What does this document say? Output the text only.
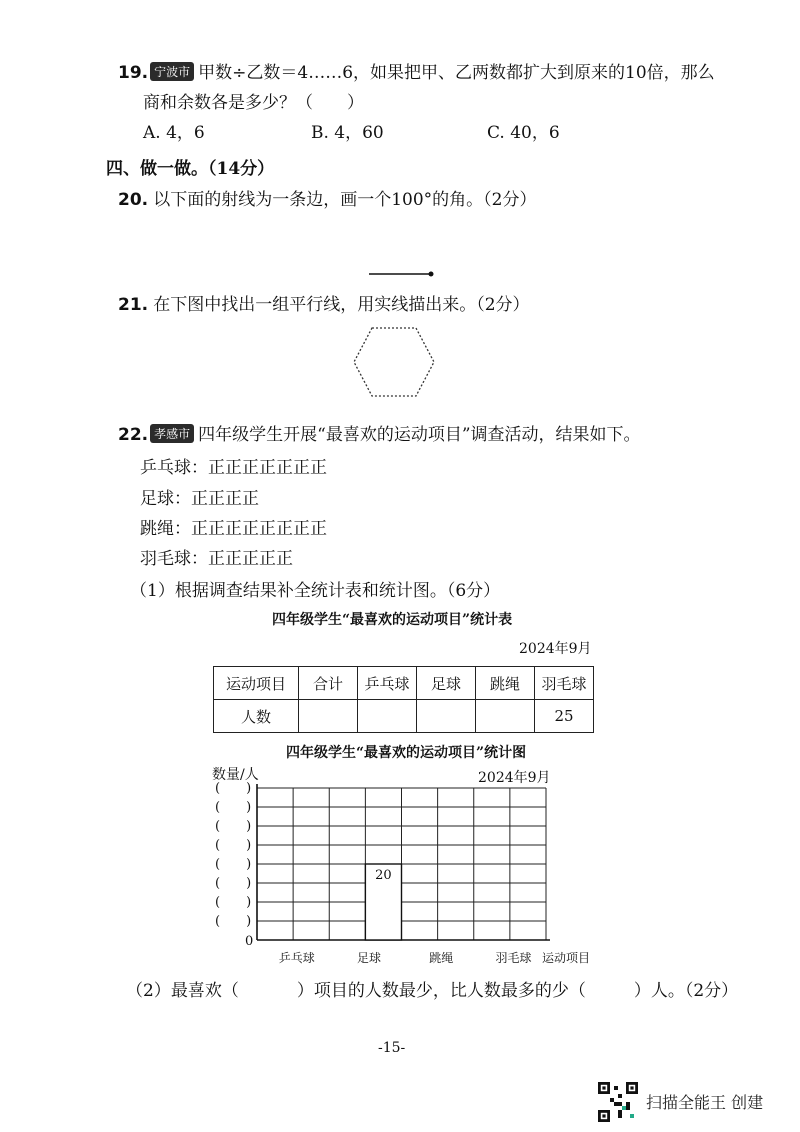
19. 宁波市 甲数÷乙数＝4……6，如果把甲、乙两数都扩大到原来的10倍，那么
商和余数各是多少？（　　）
A. 4，6	B. 4，60	C. 40，6
四、做一做。（14分）
20. 以下面的射线为一条边，画一个100°的角。（2分）
21. 在下图中找出一组平行线，用实线描出来。（2分）
22. 孝感市 四年级学生开展“最喜欢的运动项目”调查活动，结果如下。
乒乓球：正正正正正正正
足球：正正正正
跳绳：正正正正正正正正
羽毛球：正正正正正
（1）根据调查结果补全统计表和统计图。（6分）
四年级学生“最喜欢的运动项目”统计表
2024年9月
运动项目	合计	乒乓球	足球	跳绳	羽毛球
人数					25
四年级学生“最喜欢的运动项目”统计图
2024年9月
数量/人
(　　)
(　　)
(　　)
(　　)
(　　)
(　　)
(　　)
(　　)
0
20
乒乓球	足球	跳绳	羽毛球 运动项目
（2）最喜欢（	）项目的人数最少，比人数最多的少（	）人。（2分）
-15-
扫描全能王 创建
